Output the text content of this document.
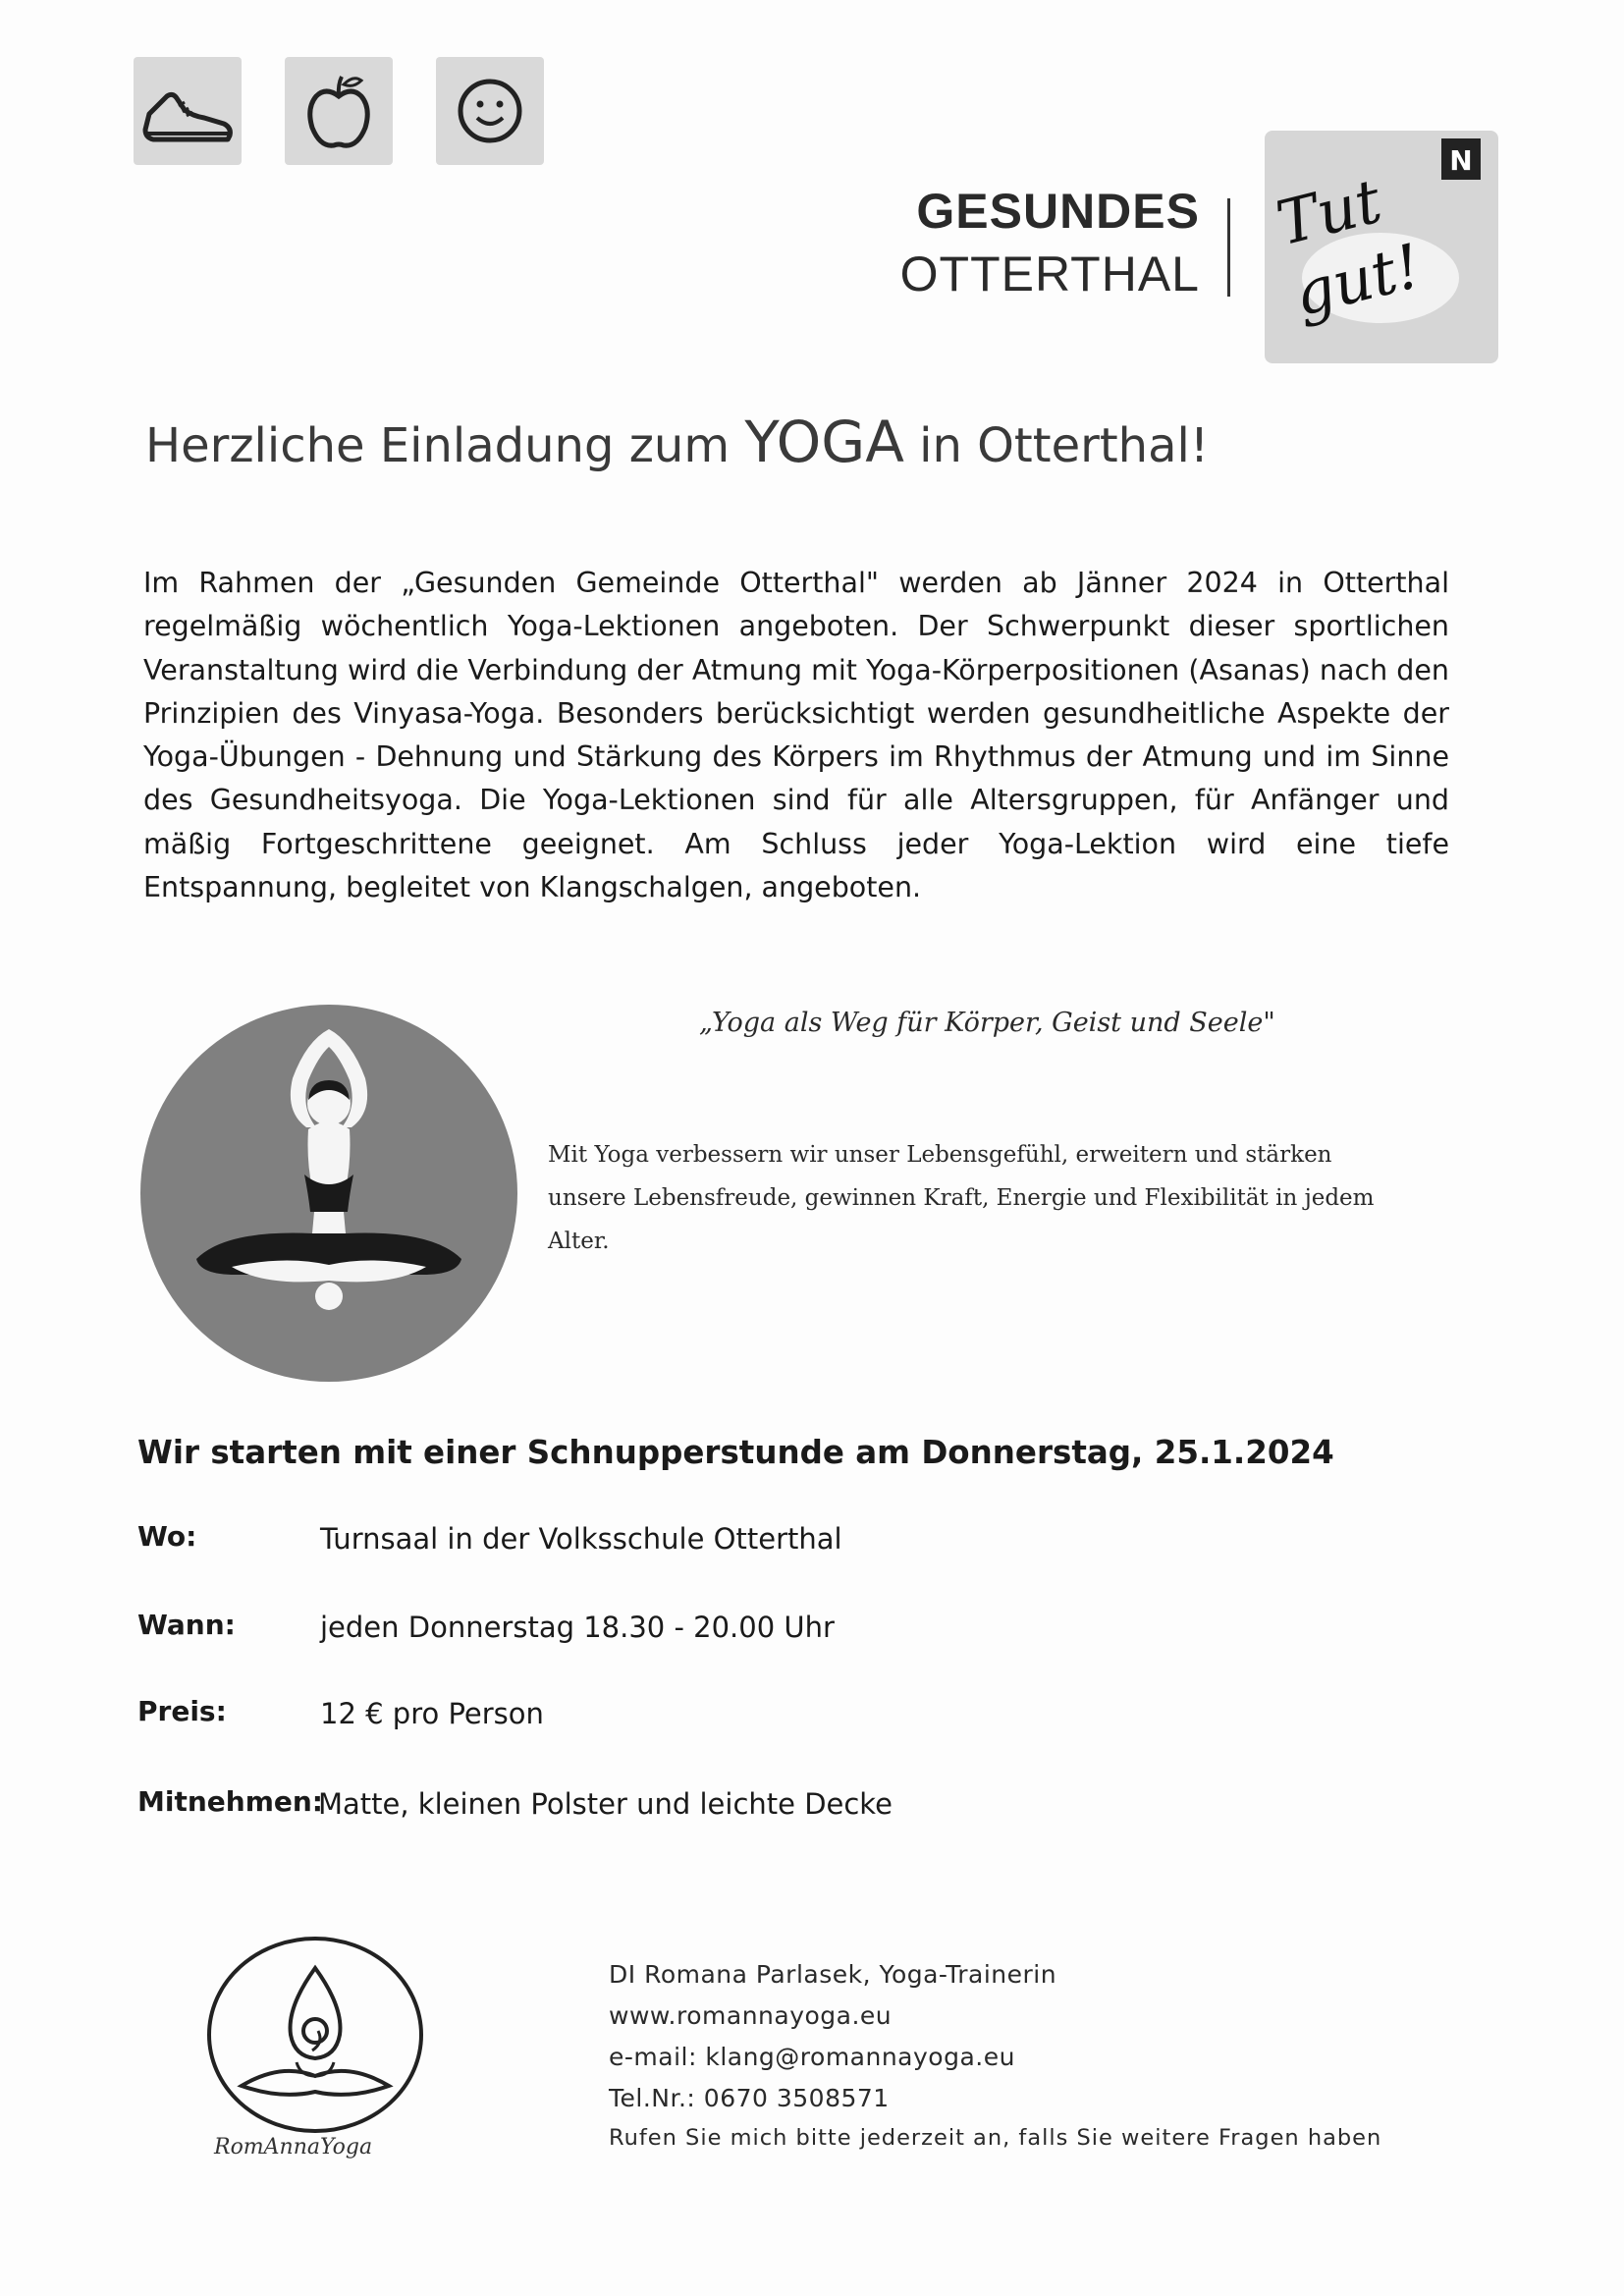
GESUNDES
OTTERTHAL
N
Tut gut!
Herzliche Einladung zum YOGA in Otterthal!
Im Rahmen der „Gesunden Gemeinde Otterthal" werden ab Jänner 2024 in Otterthal regelmäßig wöchentlich Yoga-Lektionen angeboten. Der Schwerpunkt dieser sportlichen Veranstaltung wird die Verbindung der Atmung mit Yoga-Körperpositionen (Asanas) nach den Prinzipien des Vinyasa-Yoga. Besonders berücksichtigt werden gesundheitliche Aspekte der Yoga-Übungen - Dehnung und Stärkung des Körpers im Rhythmus der Atmung und im Sinne des Gesundheitsyoga. Die Yoga-Lektionen sind für alle Altersgruppen, für Anfänger und mäßig Fortgeschrittene geeignet. Am Schluss jeder Yoga-Lektion wird eine tiefe Entspannung, begleitet von Klangschalgen, angeboten.
„Yoga als Weg für Körper, Geist und Seele"
Mit Yoga verbessern wir unser Lebensgefühl, erweitern und stärken unsere Lebensfreude, gewinnen Kraft, Energie und Flexibilität in jedem Alter.
Wir starten mit einer Schnupperstunde am Donnerstag, 25.1.2024
Wo:	Turnsaal in der Volksschule Otterthal
Wann:	jeden Donnerstag 18.30 - 20.00 Uhr
Preis:	12 € pro Person
Mitnehmen:
Matte, kleinen Polster und leichte Decke
RomAnnaYoga
DI Romana Parlasek, Yoga-Trainerin
www.romannayoga.eu
e-mail: klang@romannayoga.eu
Tel.Nr.: 0670 3508571
Rufen Sie mich bitte jederzeit an, falls Sie weitere Fragen haben
